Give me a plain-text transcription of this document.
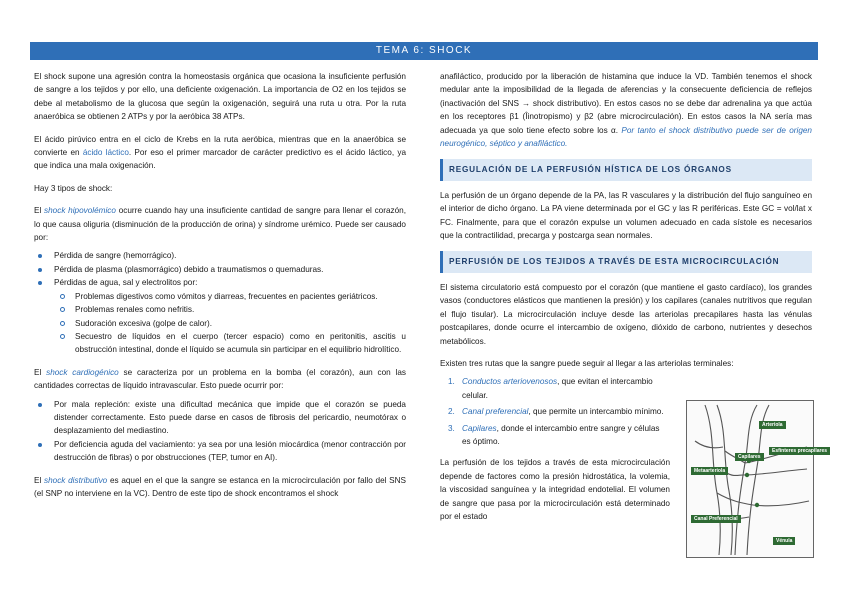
TEMA 6: SHOCK

El shock supone una agresión contra la homeostasis orgánica que ocasiona la insuficiente perfusión de sangre a los tejidos y por ello, una deficiente oxigenación. La importancia de O2 en los tejidos se debe al metabolismo de la glucosa que según la oxigenación, seguirá una ruta u otra. Por la ruta anaeróbica se obtienen 2 ATPs y por la aeróbica 38 ATPs.

El ácido pirúvico entra en el ciclo de Krebs en la ruta aeróbica, mientras que en la anaeróbica se convierte en ácido láctico. Por eso el primer marcador de carácter predictivo es el ácido láctico, ya que indica una mala oxigenación.

Hay 3 tipos de shock:

El shock hipovolémico ocurre cuando hay una insuficiente cantidad de sangre para llenar el corazón, lo que causa oliguria (disminución de la producción de orina) y síndrome urémico. Puede ser causado por:

Pérdida de sangre (hemorrágico).
Pérdida de plasma (plasmorrágico) debido a traumatismos o quemaduras.
Pérdidas de agua, sal y electrolitos por:
Problemas digestivos como vómitos y diarreas, frecuentes en pacientes geriátricos.
Problemas renales como nefritis.
Sudoración excesiva (golpe de calor).
Secuestro de líquidos en el cuerpo (tercer espacio) como en peritonitis, ascitis u obstrucción intestinal, donde el líquido se acumula sin participar en el equilibrio hidrolítico.

El shock cardiogénico se caracteriza por un problema en la bomba (el corazón), aun con las cantidades correctas de líquido intravascular. Esto puede ocurrir por:

Por mala repleción: existe una dificultad mecánica que impide que el corazón se pueda distender correctamente. Esto puede darse en casos de fibrosis del pericardio, neumotórax o desplazamiento del mediastino.
Por deficiencia aguda del vaciamiento: ya sea por una lesión miocárdica (menor contracción por destrucción de fibras) o por obstrucciones (TEP, tumor en AI).

El shock distributivo es aquel en el que la sangre se estanca en la microcirculación por fallo del SNS (el SNP no interviene en la VC). Dentro de este tipo de shock encontramos el shock

anafiláctico, producido por la liberación de histamina que induce la VD. También tenemos el shock medular ante la imposibilidad de la llegada de aferencias y la consecuente deficiencia de reflejos (inactivación del SNS → shock distributivo). En estos casos no se debe dar adrenalina ya que actúa en los receptores β1 (Îinotropismo) y β2 (abre microcirculación). En estos casos la NA sería mas adecuada ya que solo tiene efecto sobre los α. Por tanto el shock distributivo puede ser de origen neurogénico, séptico y anafiláctico.

REGULACIÓN DE LA PERFUSIÓN HÍSTICA DE LOS ÓRGANOS

La perfusión de un órgano depende de la PA, las R vasculares y la distribución del flujo sanguíneo en el interior de dicho órgano. La PA viene determinada por el GC y las R periféricas. Este GC = vol/lat x FC. Finalmente, para que el corazón expulse un volumen adecuado en cada sístole es necesarios que la contractilidad, precarga y postcarga sean normales.

PERFUSIÓN DE LOS TEJIDOS A TRAVÉS DE ESTA MICROCIRCULACIÓN

El sistema circulatorio está compuesto por el corazón (que mantiene el gasto cardíaco), los grandes vasos (conductores elásticos que mantienen la presión) y los capilares (canales nutritivos que regulan el flujo tisular). La microcirculación incluye desde las arteriolas precapilares hasta las vénulas postcapilares, donde ocurre el intercambio de oxígeno, dióxido de carbono, nutrientes y desechos metabólicos.

Existen tres rutas que la sangre puede seguir al llegar a las arteriolas terminales:

1. Conductos arteriovenosos, que evitan el intercambio celular.
2. Canal preferencial, que permite un intercambio mínimo.
3. Capilares, donde el intercambio entre sangre y células es óptimo.

La perfusión de los tejidos a través de esta microcirculación depende de factores como la presión hidrostática, la volemia, la viscosidad sanguínea y la integridad endotelial. El volumen de sangre que pasa por la microcirculación está determinado por el estado

Arteriola
Esfínteres precapilares
Capilares
Metaarteriola
Canal Preferencial
Vénula
